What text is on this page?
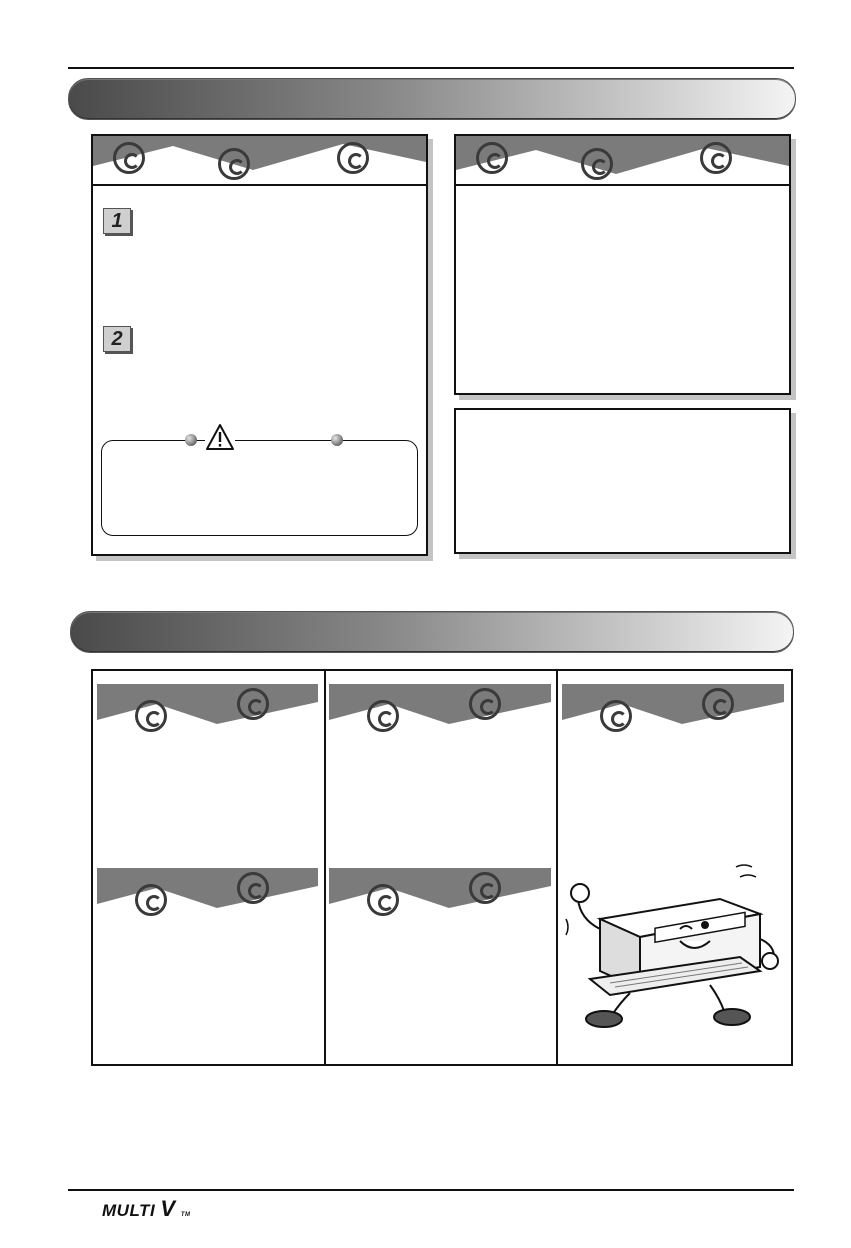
1
2
MULTI V TM
